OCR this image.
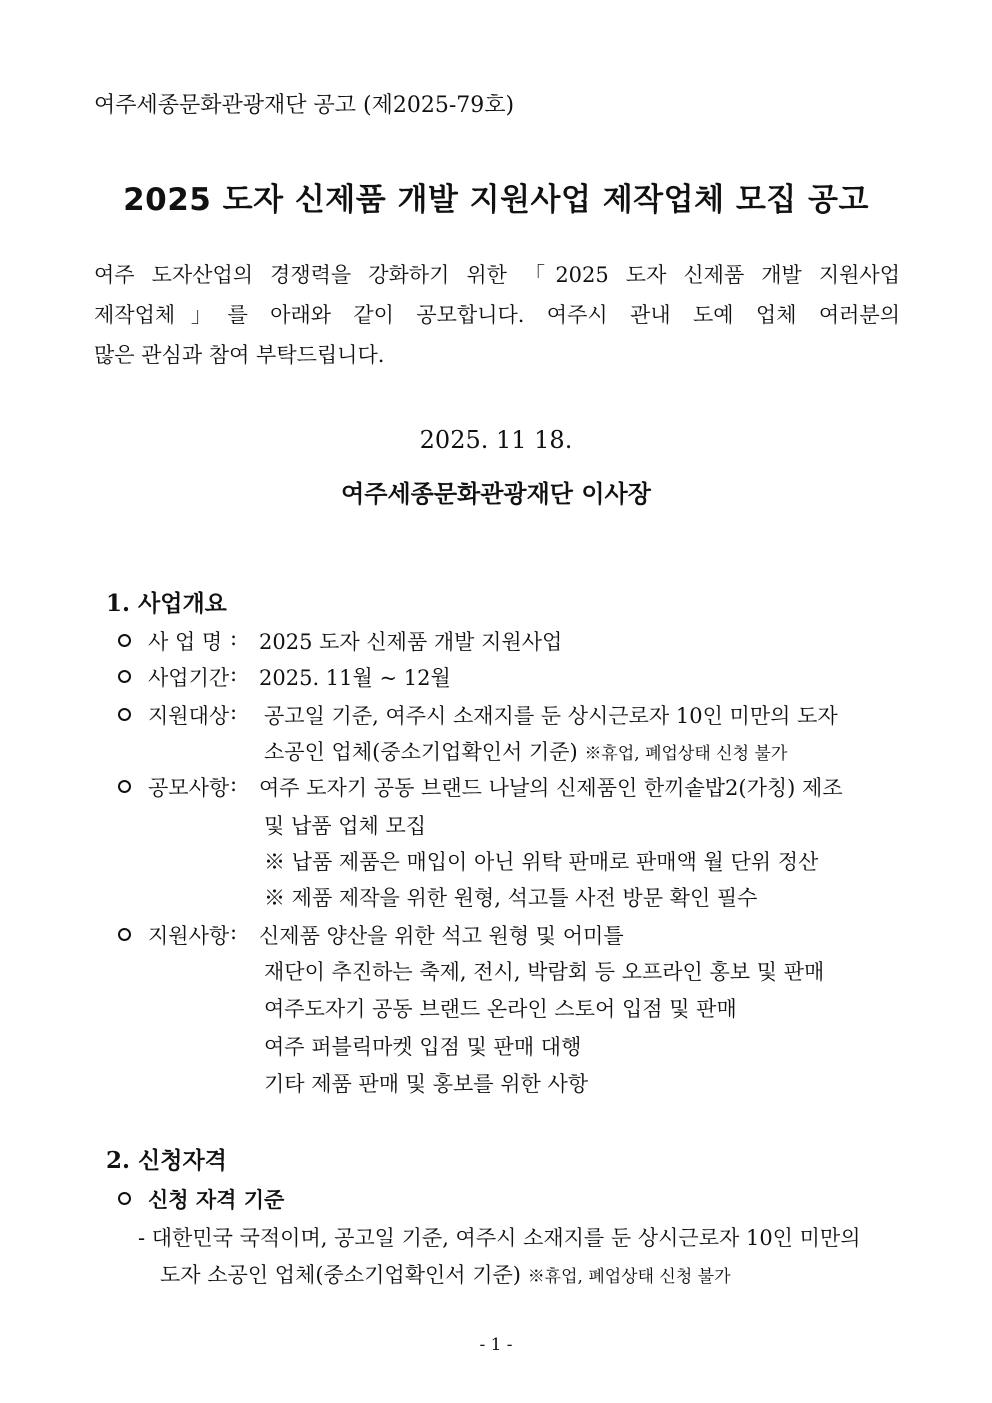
여주세종문화관광재단 공고 (제2025-79호)
2025 도자 신제품 개발 지원사업 제작업체 모집 공고
여주 도자산업의 경쟁력을 강화하기 위한 「2025 도자 신제품 개발 지원사업
제작업체」를 아래와 같이 공모합니다. 여주시 관내 도예 업체 여러분의
많은 관심과 참여 부탁드립니다.
2025. 11 18.
여주세종문화관광재단 이사장
1. 사업개요
사 업 명 : 2025 도자 신제품 개발 지원사업
사업기간 : 2025. 11월 ~ 12월
지원대상 : 공고일 기준, 여주시 소재지를 둔 상시근로자 10인 미만의 도자
소공인 업체(중소기업확인서 기준) ※휴업, 폐업상태 신청 불가
공모사항 : 여주 도자기 공동 브랜드 나날의 신제품인 한끼솥밥2(가칭) 제조
및 납품 업체 모집
※ 납품 제품은 매입이 아닌 위탁 판매로 판매액 월 단위 정산
※ 제품 제작을 위한 원형, 석고틀 사전 방문 확인 필수
지원사항 : 신제품 양산을 위한 석고 원형 및 어미틀
재단이 추진하는 축제, 전시, 박람회 등 오프라인 홍보 및 판매
여주도자기 공동 브랜드 온라인 스토어 입점 및 판매
여주 퍼블릭마켓 입점 및 판매 대행
기타 제품 판매 및 홍보를 위한 사항
2. 신청자격
신청 자격 기준
- 대한민국 국적이며, 공고일 기준, 여주시 소재지를 둔 상시근로자 10인 미만의
도자 소공인 업체(중소기업확인서 기준) ※휴업, 폐업상태 신청 불가
- 1 -
